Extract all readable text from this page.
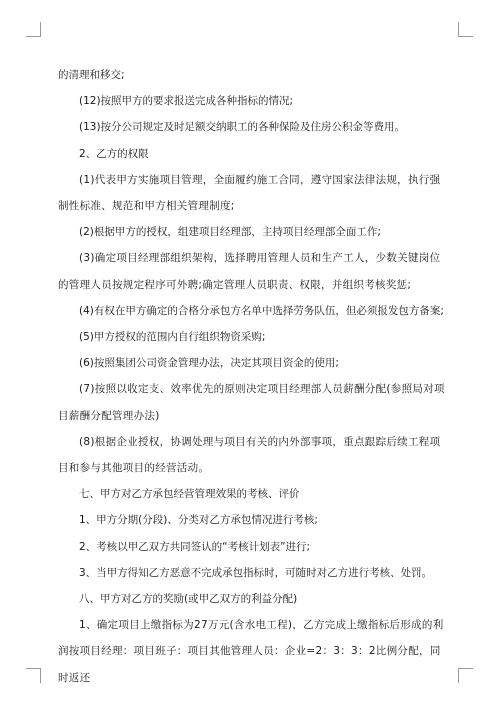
的清理和移交;

(12)按照甲方的要求报送完成各种指标的情况;

(13)按分公司规定及时足额交纳职工的各种保险及住房公积金等费用。

2、乙方的权限

(1)代表甲方实施项目管理，全面履约施工合同，遵守国家法律法规，执行强制性标准、规范和甲方相关管理制度;

(2)根据甲方的授权，组建项目经理部，主持项目经理部全面工作;

(3)确定项目经理部组织架构，选择聘用管理人员和生产工人，少数关键岗位的管理人员按规定程序可外聘;确定管理人员职责、权限，并组织考核奖惩;

(4)有权在甲方确定的合格分承包方名单中选择劳务队伍，但必须报发包方备案;

(5)甲方授权的范围内自行组织物资采购;

(6)按照集团公司资金管理办法，决定其项目资金的使用;

(7)按照以收定支、效率优先的原则决定项目经理部人员薪酬分配(参照局对项目薪酬分配管理办法)

(8)根据企业授权，协调处理与项目有关的内外部事项，重点跟踪后续工程项目和参与其他项目的经营活动。

七、甲方对乙方承包经营管理效果的考核、评价

1、甲方分期(分段)、分类对乙方承包情况进行考核;

2、考核以甲乙双方共同签认的“考核计划表”进行;

3、当甲方得知乙方恶意不完成承包指标时，可随时对乙方进行考核、处罚。

八、甲方对乙方的奖励(或甲乙双方的利益分配)

1、确定项目上缴指标为27万元(含水电工程)，乙方完成上缴指标后形成的利润按项目经理：项目班子：项目其他管理人员：企业=2：3：3：2比例分配，同时返还
